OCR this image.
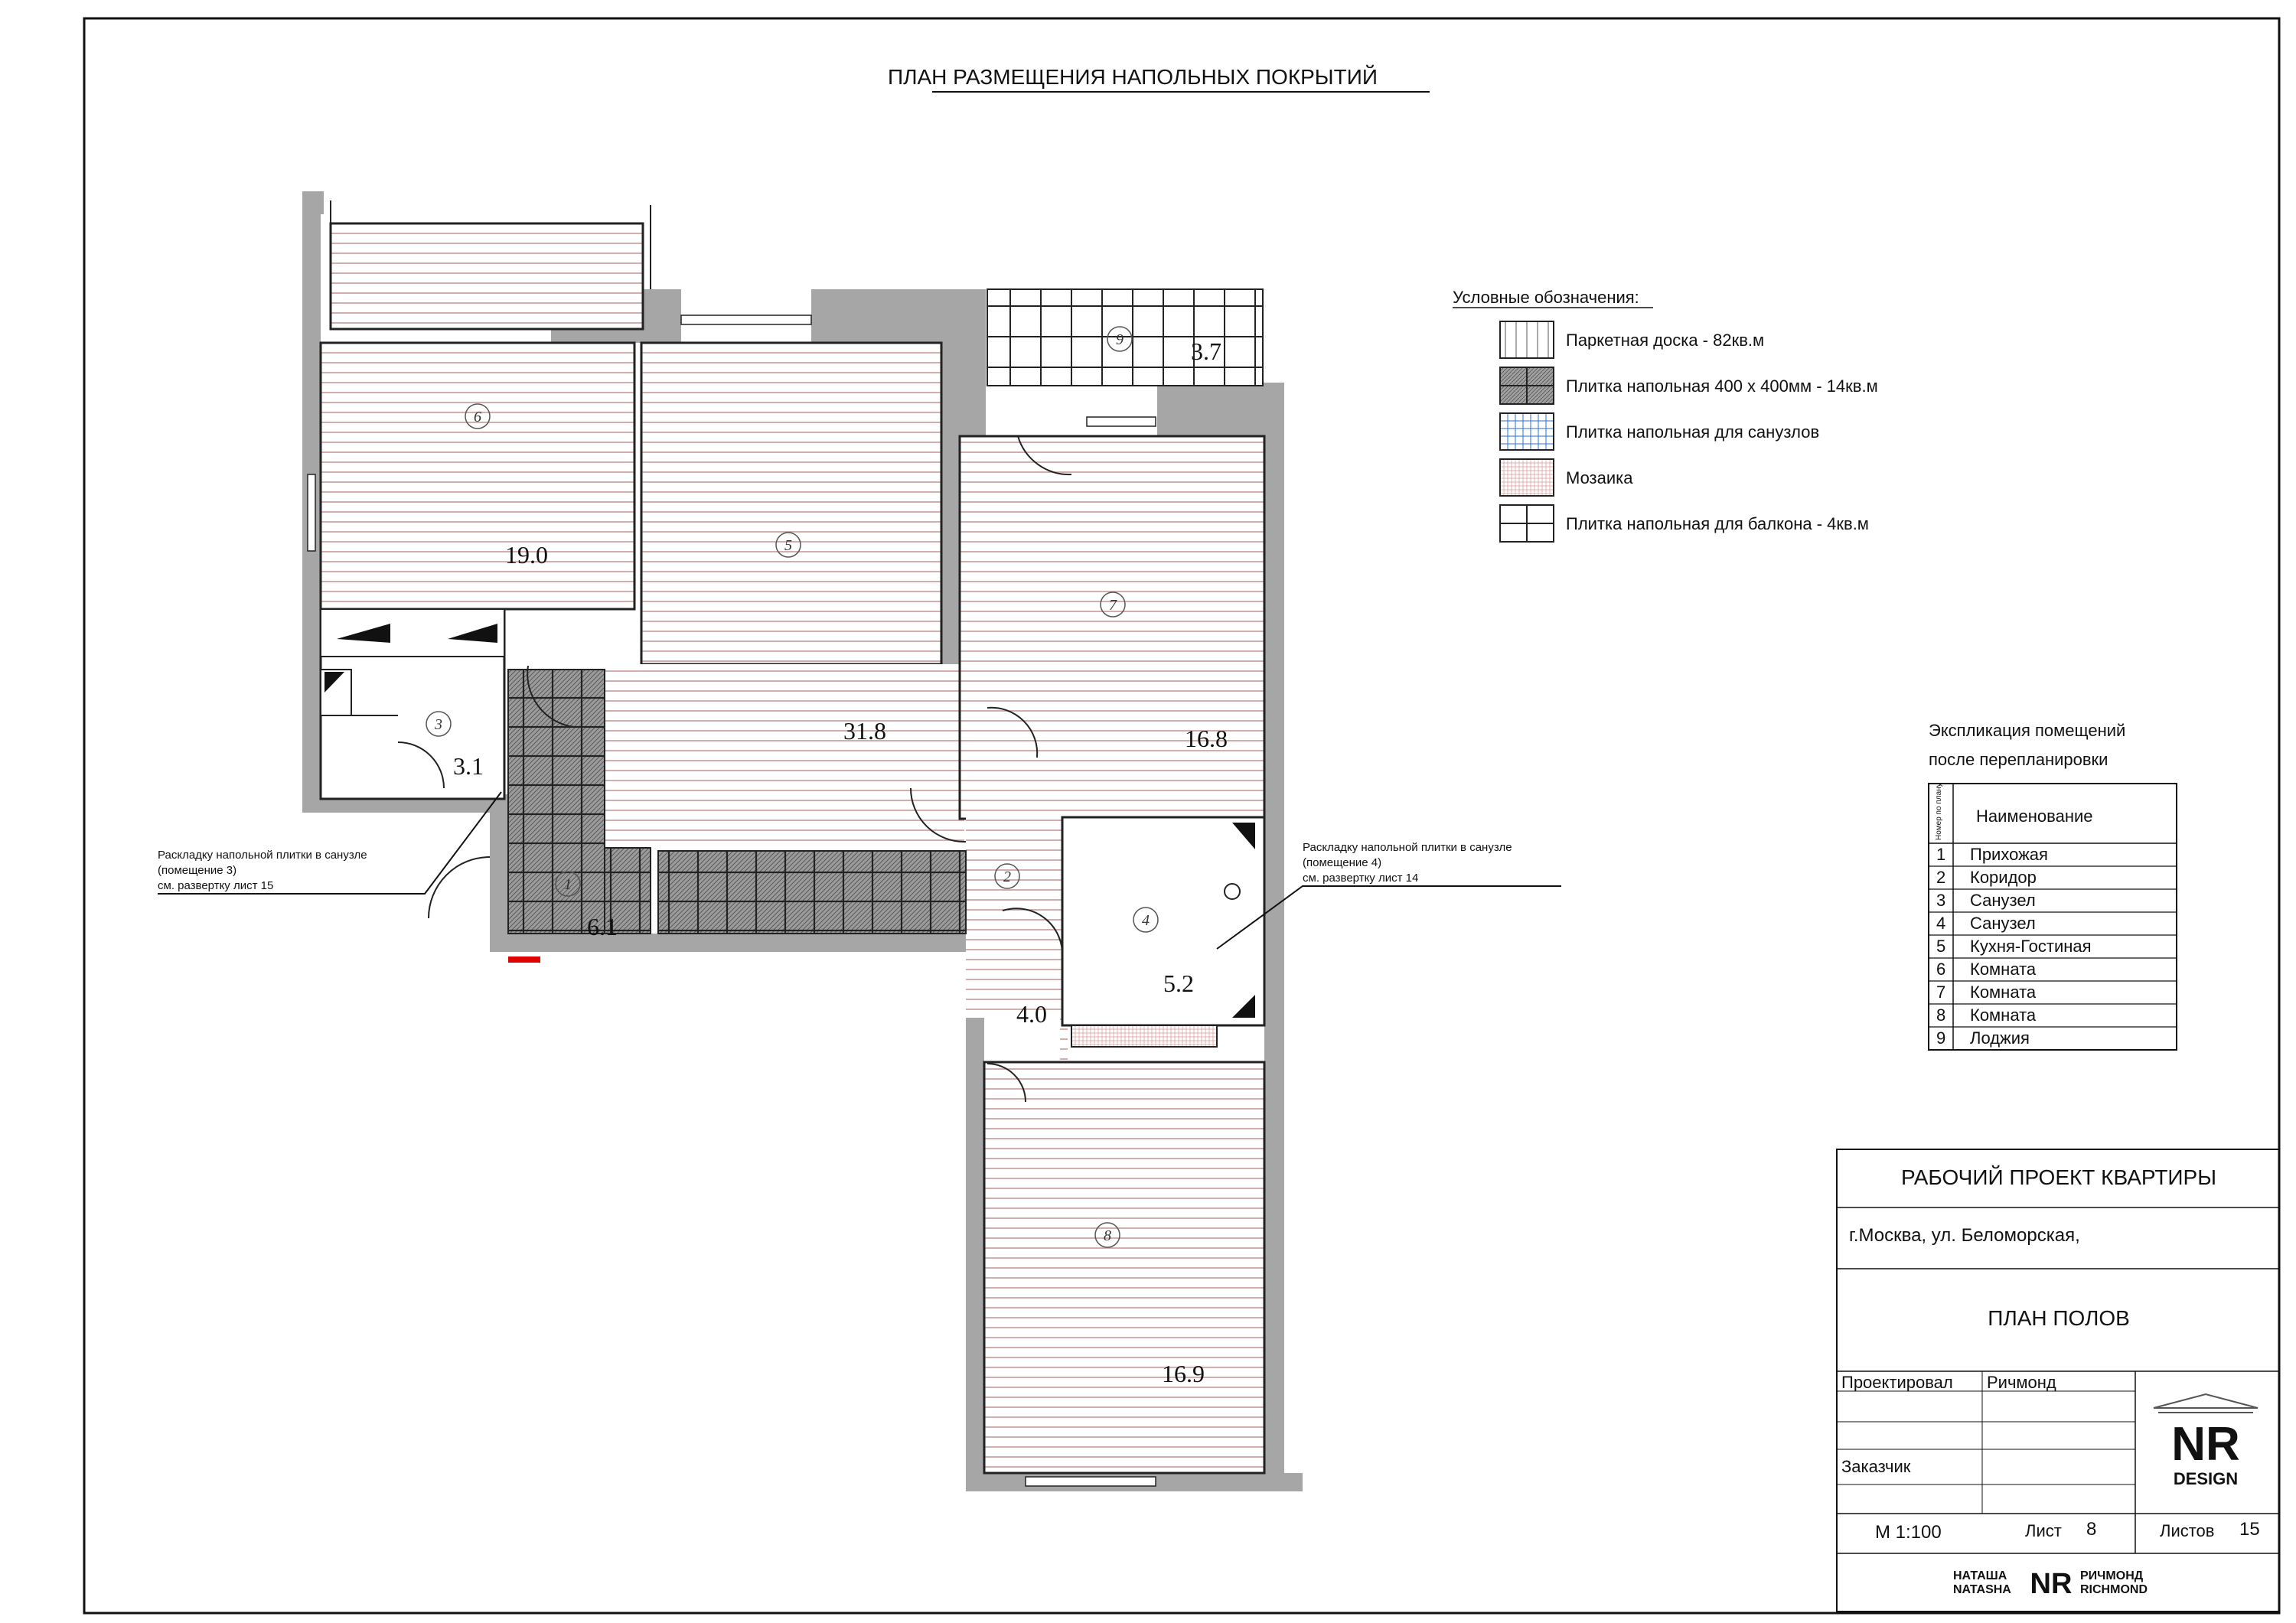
ПЛАН РАЗМЕЩЕНИЯ НАПОЛЬНЫХ ПОКРЫТИЙ
1	2
3
4
5
6
7
8
9
6.1
4.0
3.1
5.2
31.8
19.0
16.8
16.9
3.7
Раскладку напольной плитки в санузле
(помещение 3)
см. развертку лист 15
Раскладку напольной плитки в санузле
(помещение 4)
см. развертку лист 14
Условные обозначения:
Паркетная доска - 82кв.м
Плитка напольная 400 х 400мм - 14кв.м
Плитка напольная для санузлов
Мозаика
Плитка напольная для балкона - 4кв.м
Экспликация помещений
после перепланировки
Номер по плану Наименование
1 Прихожая
2 Коридор
3 Санузел
4 Санузел
5 Кухня-Гостиная
6 Комната
7 Комната
8 Комната
9 Лоджия
РАБОЧИЙ ПРОЕКТ КВАРТИРЫ
г.Москва, ул. Беломорская,
ПЛАН ПОЛОВ
Проектировал Ричмонд
Заказчик
М 1:100	Лист 8	Листов 15
NR
DESIGN
НАТАША
NATASHA NR РИЧМОНД
RICHMOND
